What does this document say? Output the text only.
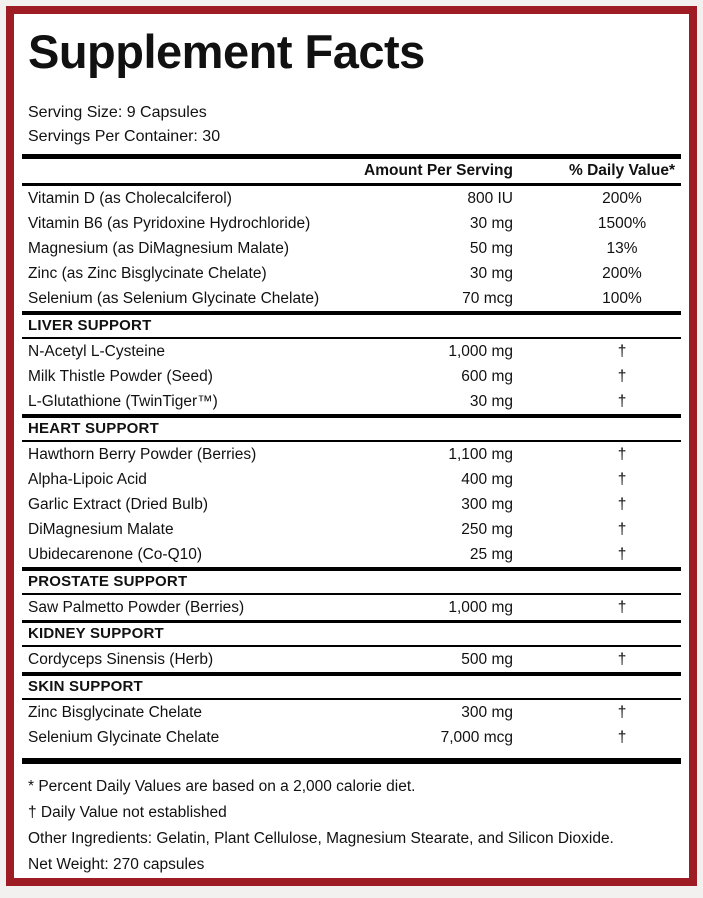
Supplement Facts
Serving Size: 9 Capsules
Servings Per Container: 30
Amount Per Serving	% Daily Value*
Vitamin D (as Cholecalciferol)	800 IU	200%
Vitamin B6 (as Pyridoxine Hydrochloride)	30 mg	1500%
Magnesium (as DiMagnesium Malate)	50 mg	13%
Zinc (as Zinc Bisglycinate Chelate)	30 mg	200%
Selenium (as Selenium Glycinate Chelate)	70 mcg	100%
LIVER SUPPORT
N-Acetyl L-Cysteine	1,000 mg	†
Milk Thistle Powder (Seed)	600 mg	†
L-Glutathione (TwinTiger™)	30 mg	†
HEART SUPPORT
Hawthorn Berry Powder (Berries)	1,100 mg	†
Alpha-Lipoic Acid	400 mg	†
Garlic Extract (Dried Bulb)	300 mg	†
DiMagnesium Malate	250 mg	†
Ubidecarenone (Co-Q10)	25 mg	†
PROSTATE SUPPORT
Saw Palmetto Powder (Berries)	1,000 mg	†
KIDNEY SUPPORT
Cordyceps Sinensis (Herb)	500 mg	†
SKIN SUPPORT
Zinc Bisglycinate Chelate	300 mg	†
Selenium Glycinate Chelate	7,000 mcg	†

* Percent Daily Values are based on a 2,000 calorie diet.

† Daily Value not established

Other Ingredients: Gelatin, Plant Cellulose, Magnesium Stearate, and Silicon Dioxide.

Net Weight: 270 capsules
